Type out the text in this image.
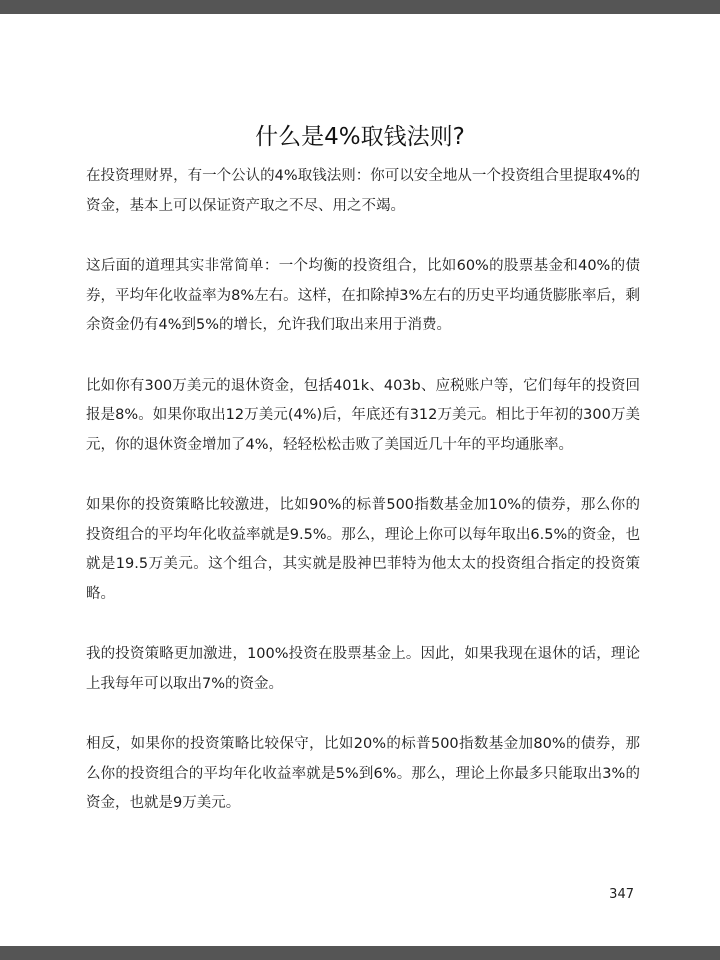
什么是4%取钱法则?

在投资理财界，有一个公认的4%取钱法则：你可以安全地从一个投资组合里提取4%的资金，基本上可以保证资产取之不尽、用之不竭。

这后面的道理其实非常简单：一个均衡的投资组合，比如60%的股票基金和40%的债券，平均年化收益率为8%左右。这样，在扣除掉3%左右的历史平均通货膨胀率后，剩余资金仍有4%到5%的增长，允许我们取出来用于消费。

比如你有300万美元的退休资金，包括401k、403b、应税账户等，它们每年的投资回报是8%。如果你取出12万美元(4%)后，年底还有312万美元。相比于年初的300万美元，你的退休资金增加了4%，轻轻松松击败了美国近几十年的平均通胀率。

如果你的投资策略比较激进，比如90%的标普500指数基金加10%的债券，那么你的投资组合的平均年化收益率就是9.5%。那么，理论上你可以每年取出6.5%的资金，也就是19.5万美元。这个组合，其实就是股神巴菲特为他太太的投资组合指定的投资策略。

我的投资策略更加激进，100%投资在股票基金上。因此，如果我现在退休的话，理论上我每年可以取出7%的资金。

相反，如果你的投资策略比较保守，比如20%的标普500指数基金加80%的债券，那么你的投资组合的平均年化收益率就是5%到6%。那么，理论上你最多只能取出3%的资金，也就是9万美元。

347
